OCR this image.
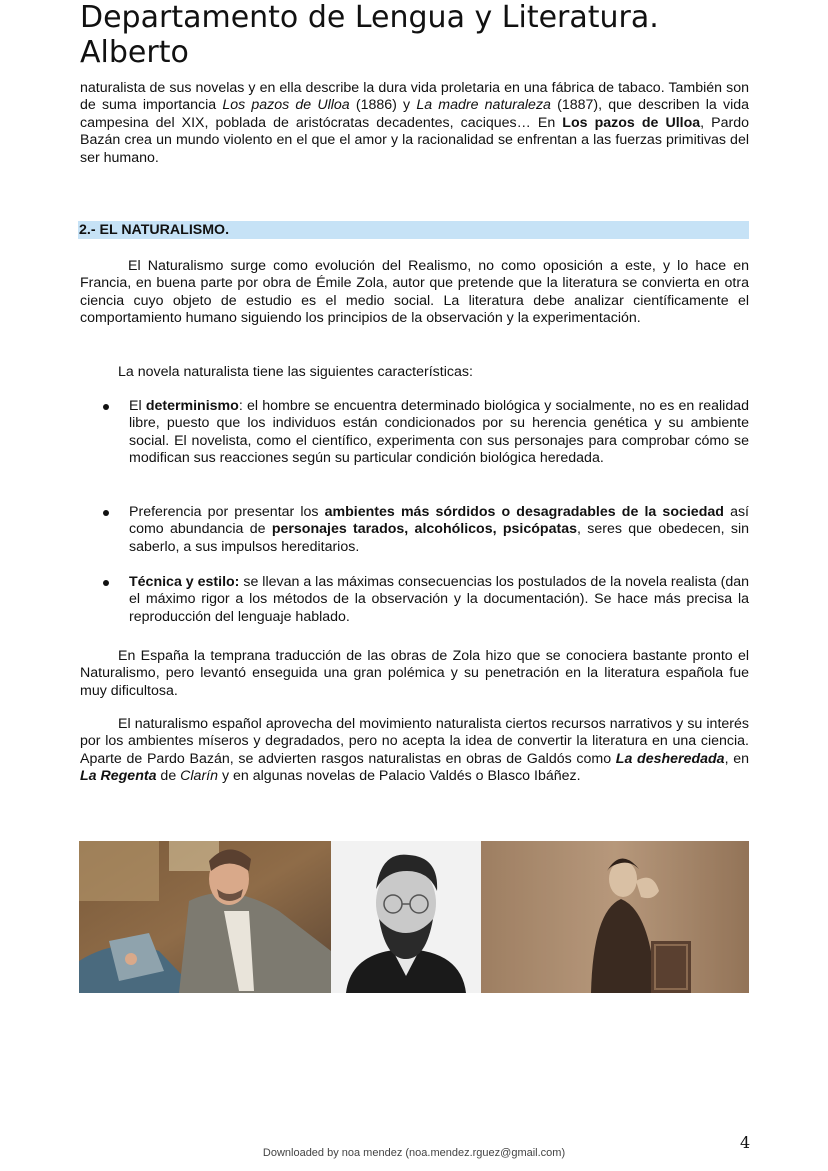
Departamento de Lengua y Literatura.
Alberto

naturalista de sus novelas y en ella describe la dura vida proletaria en una fábrica de tabaco. También son de suma importancia Los pazos de Ulloa (1886) y La madre naturaleza (1887), que describen la vida campesina del XIX, poblada de aristócratas decadentes, caciques… En Los pazos de Ulloa, Pardo Bazán crea un mundo violento en el que el amor y la racionalidad se enfrentan a las fuerzas primitivas del ser humano.

2.- EL NATURALISMO.

El Naturalismo surge como evolución del Realismo, no como oposición a este, y lo hace en Francia, en buena parte por obra de Émile Zola, autor que pretende que la literatura se convierta en otra ciencia cuyo objeto de estudio es el medio social. La literatura debe analizar científicamente el comportamiento humano siguiendo los principios de la observación y la experimentación.

La novela naturalista tiene las siguientes características:

El determinismo: el hombre se encuentra determinado biológica y socialmente, no es en realidad libre, puesto que los individuos están condicionados por su herencia genética y su ambiente social. El novelista, como el científico, experimenta con sus personajes para comprobar cómo se modifican sus reacciones según su particular condición biológica heredada.

Preferencia por presentar los ambientes más sórdidos o desagradables de la sociedad así como abundancia de personajes tarados, alcohólicos, psicópatas, seres que obedecen, sin saberlo, a sus impulsos hereditarios.

Técnica y estilo: se llevan a las máximas consecuencias los postulados de la novela realista (dan el máximo rigor a los métodos de la observación y la documentación). Se hace más precisa la reproducción del lenguaje hablado.

En España la temprana traducción de las obras de Zola hizo que se conociera bastante pronto el Naturalismo, pero levantó enseguida una gran polémica y su penetración en la literatura española fue muy dificultosa.

El naturalismo español aprovecha del movimiento naturalista ciertos recursos narrativos y su interés por los ambientes míseros y degradados, pero no acepta la idea de convertir la literatura en una ciencia. Aparte de Pardo Bazán, se advierten rasgos naturalistas en obras de Galdós como La desheredada, en La Regenta de Clarín y en algunas novelas de Palacio Valdés o Blasco Ibáñez.

4
Downloaded by noa mendez (noa.mendez.rguez@gmail.com)
